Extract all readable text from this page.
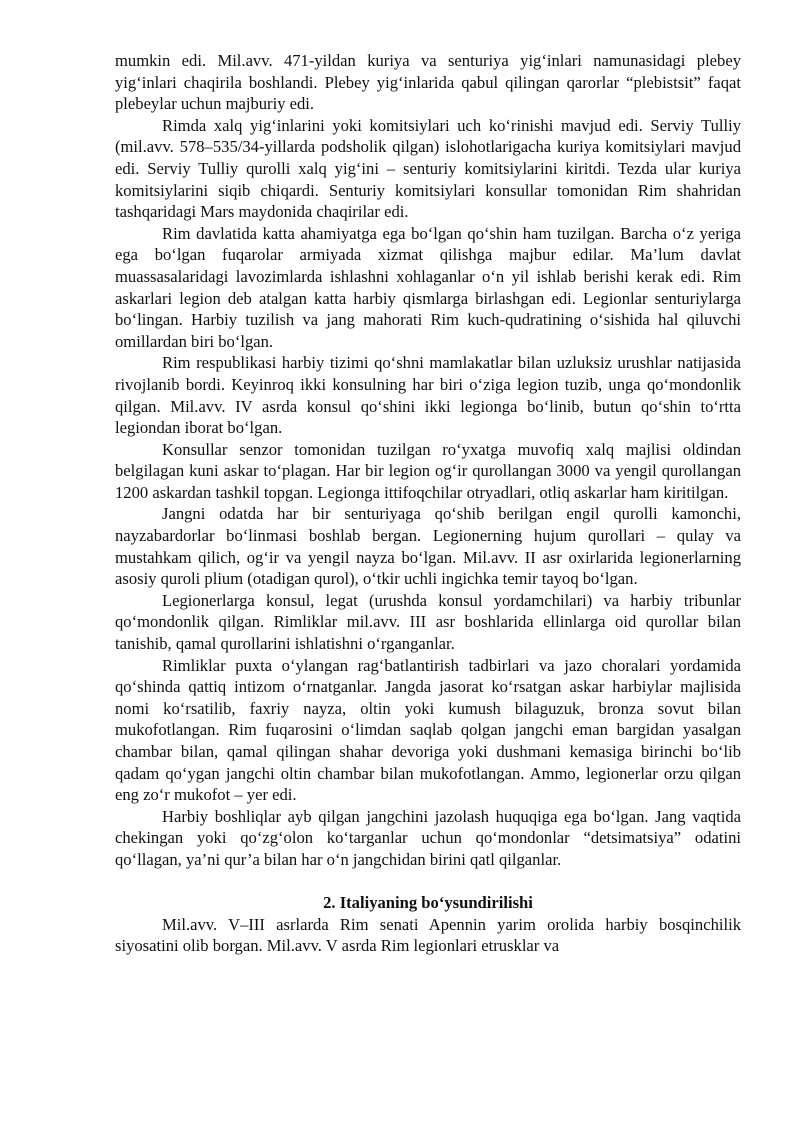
mumkin edi. Mil.avv. 471-yildan kuriya va senturiya yig‘inlari namunasidagi plebey yig‘inlari chaqirila boshlandi. Plebey yig‘inlarida qabul qilingan qarorlar “plebistsit” faqat plebeylar uchun majburiy edi.

Rimda xalq yig‘inlarini yoki komitsiylari uch ko‘rinishi mavjud edi. Serviy Tulliy (mil.avv. 578–535/34-yillarda podsholik qilgan) islohotlarigacha kuriya komitsiylari mavjud edi. Serviy Tulliy qurolli xalq yig‘ini – senturiy komitsiylarini kiritdi. Tezda ular kuriya komitsiylarini siqib chiqardi. Senturiy komitsiylari konsullar tomonidan Rim shahridan tashqaridagi Mars maydonida chaqirilar edi.

Rim davlatida katta ahamiyatga ega bo‘lgan qo‘shin ham tuzilgan. Barcha o‘z yeriga ega bo‘lgan fuqarolar armiyada xizmat qilishga majbur edilar. Ma’lum davlat muassasalaridagi lavozimlarda ishlashni xohlaganlar o‘n yil ishlab berishi kerak edi. Rim askarlari legion deb atalgan katta harbiy qismlarga birlashgan edi. Legionlar senturiylarga bo‘lingan. Harbiy tuzilish va jang mahorati Rim kuch-qudratining o‘sishida hal qiluvchi omillardan biri bo‘lgan.

Rim respublikasi harbiy tizimi qo‘shni mamlakatlar bilan uzluksiz urushlar natijasida rivojlanib bordi. Keyinroq ikki konsulning har biri o‘ziga legion tuzib, unga qo‘mondonlik qilgan. Mil.avv. IV asrda konsul qo‘shini ikki legionga bo‘linib, butun qo‘shin to‘rtta legiondan iborat bo‘lgan.

Konsullar senzor tomonidan tuzilgan ro‘yxatga muvofiq xalq majlisi oldindan belgilagan kuni askar to‘plagan. Har bir legion og‘ir qurollangan 3000 va yengil qurollangan 1200 askardan tashkil topgan. Legionga ittifoqchilar otryadlari, otliq askarlar ham kiritilgan.

Jangni odatda har bir senturiyaga qo‘shib berilgan engil qurolli kamonchi, nayzabardorlar bo‘linmasi boshlab bergan. Legionerning hujum qurollari – qulay va mustahkam qilich, og‘ir va yengil nayza bo‘lgan. Mil.avv. II asr oxirlarida legionerlarning asosiy quroli plium (otadigan qurol), o‘tkir uchli ingichka temir tayoq bo‘lgan.

Legionerlarga konsul, legat (urushda konsul yordamchilari) va harbiy tribunlar qo‘mondonlik qilgan. Rimliklar mil.avv. III asr boshlarida ellinlarga oid qurollar bilan tanishib, qamal qurollarini ishlatishni o‘rganganlar.

Rimliklar puxta o‘ylangan rag‘batlantirish tadbirlari va jazo choralari yordamida qo‘shinda qattiq intizom o‘rnatganlar. Jangda jasorat ko‘rsatgan askar harbiylar majlisida nomi ko‘rsatilib, faxriy nayza, oltin yoki kumush bilaguzuk, bronza sovut bilan mukofotlangan. Rim fuqarosini o‘limdan saqlab qolgan jangchi eman bargidan yasalgan chambar bilan, qamal qilingan shahar devoriga yoki dushmani kemasiga birinchi bo‘lib qadam qo‘ygan jangchi oltin chambar bilan mukofotlangan. Ammo, legionerlar orzu qilgan eng zo‘r mukofot – yer edi.

Harbiy boshliqlar ayb qilgan jangchini jazolash huquqiga ega bo‘lgan. Jang vaqtida chekingan yoki qo‘zg‘olon ko‘targanlar uchun qo‘mondonlar “detsimatsiya” odatini qo‘llagan, ya’ni qur’a bilan har o‘n jangchidan birini qatl qilganlar.

2. Italiyaning bo‘ysundirilishi

Mil.avv. V–III asrlarda Rim senati Apennin yarim orolida harbiy bosqinchilik siyosatini olib borgan. Mil.avv. V asrda Rim legionlari etrusklar va
